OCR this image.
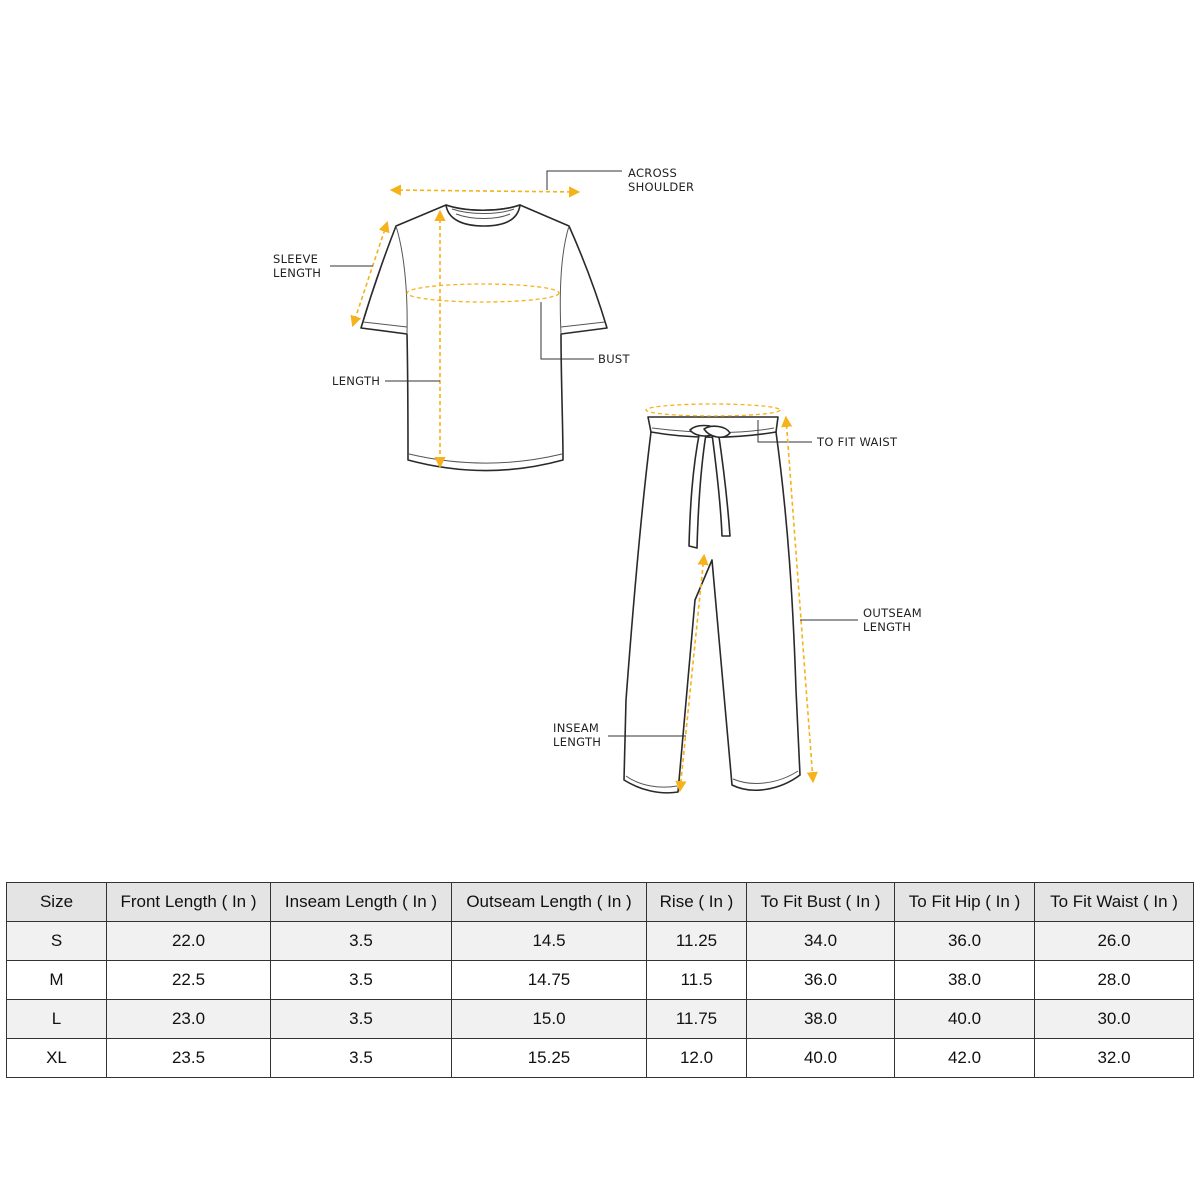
ACROSS
SHOULDER
SLEEVE
LENGTH
BUST
LENGTH
TO FIT WAIST
OUTSEAM
LENGTH
INSEAM
LENGTH
Size	Front Length ( In )	Inseam Length ( In )	Outseam Length ( In )	Rise ( In )	To Fit Bust ( In )	To Fit Hip ( In )	To Fit Waist ( In )
S	22.0	3.5	14.5	11.25	34.0	36.0	26.0
M	22.5	3.5	14.75	11.5	36.0	38.0	28.0
L	23.0	3.5	15.0	11.75	38.0	40.0	30.0
XL	23.5	3.5	15.25	12.0	40.0	42.0	32.0
